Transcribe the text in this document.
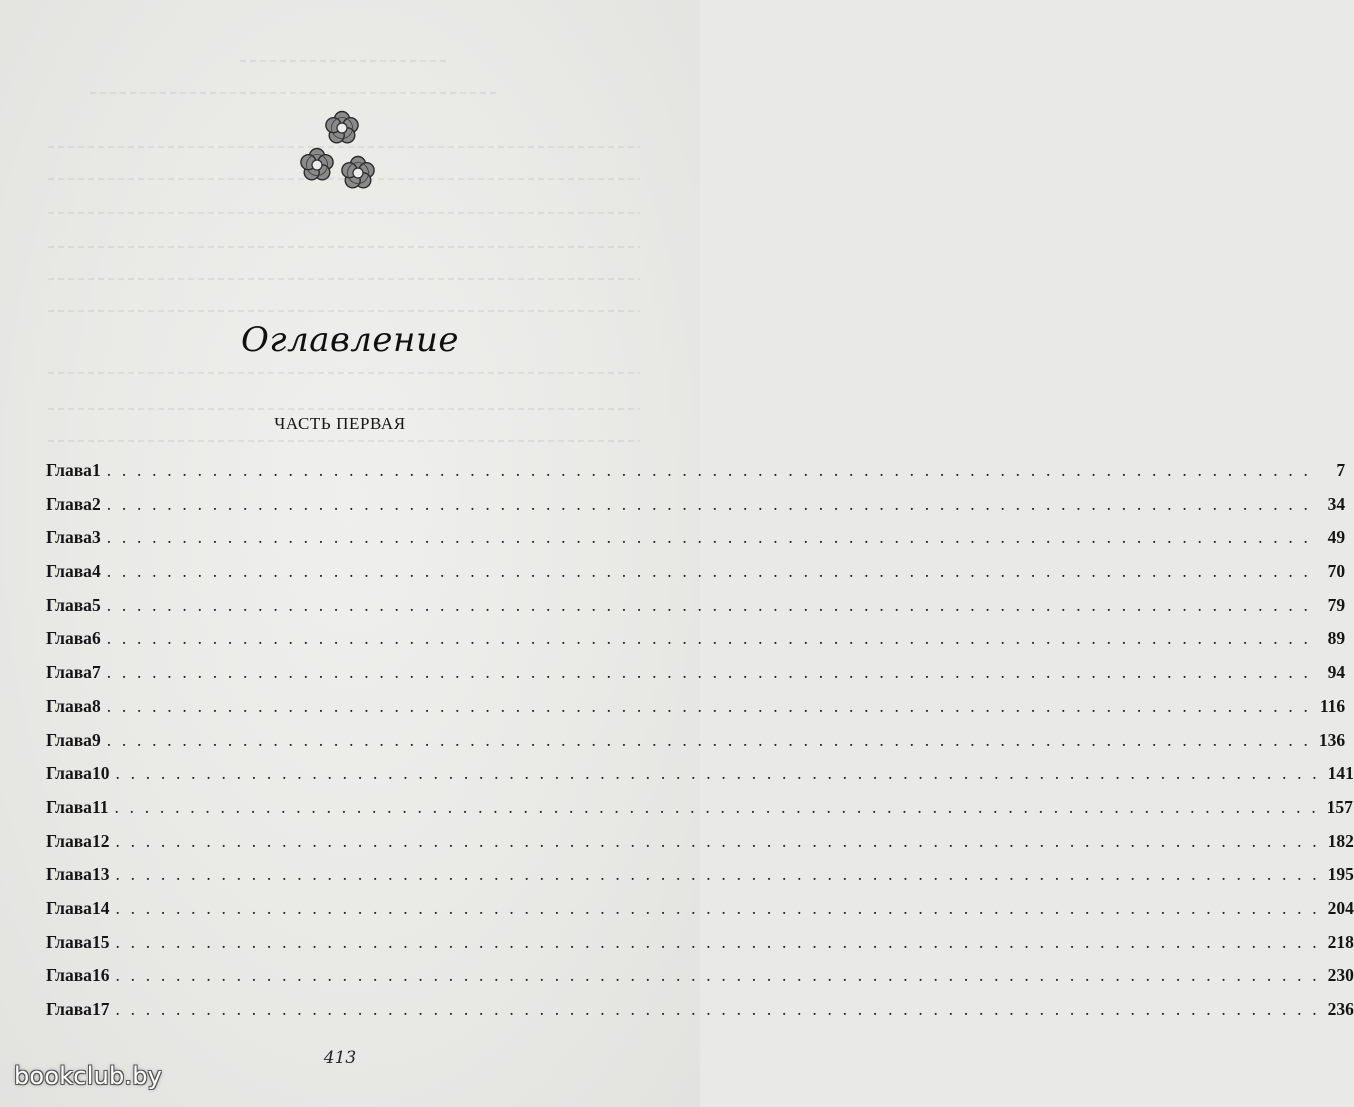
Оглавление
ЧАСТЬ ПЕРВАЯ
Глава 1 . . . . . . . . . . . . . . . . . . . . . . . . . . . . . . . . . . . . . . . . . . . . . . . . . . . . . . . . . . . . . . . . . . . . . . . . . . . . . . . .	7
Глава 2 . . . . . . . . . . . . . . . . . . . . . . . . . . . . . . . . . . . . . . . . . . . . . . . . . . . . . . . . . . . . . . . . . . . . . . . . . . . . . . . . 34
Глава 3 . . . . . . . . . . . . . . . . . . . . . . . . . . . . . . . . . . . . . . . . . . . . . . . . . . . . . . . . . . . . . . . . . . . . . . . . . . . . . . . . 49
Глава 4 . . . . . . . . . . . . . . . . . . . . . . . . . . . . . . . . . . . . . . . . . . . . . . . . . . . . . . . . . . . . . . . . . . . . . . . . . . . . . . . . 70
Глава 5 . . . . . . . . . . . . . . . . . . . . . . . . . . . . . . . . . . . . . . . . . . . . . . . . . . . . . . . . . . . . . . . . . . . . . . . . . . . . . . . . 79
Глава 6 . . . . . . . . . . . . . . . . . . . . . . . . . . . . . . . . . . . . . . . . . . . . . . . . . . . . . . . . . . . . . . . . . . . . . . . . . . . . . . . . 89
Глава 7 . . . . . . . . . . . . . . . . . . . . . . . . . . . . . . . . . . . . . . . . . . . . . . . . . . . . . . . . . . . . . . . . . . . . . . . . . . . . . . . . 94
Глава 8 . . . . . . . . . . . . . . . . . . . . . . . . . . . . . . . . . . . . . . . . . . . . . . . . . . . . . . . . . . . . . . . . . . . . . . . . . . . . . . . . 116
Глава 9 . . . . . . . . . . . . . . . . . . . . . . . . . . . . . . . . . . . . . . . . . . . . . . . . . . . . . . . . . . . . . . . . . . . . . . . . . . . . . . . . 136
Глава 10 . . . . . . . . . . . . . . . . . . . . . . . . . . . . . . . . . . . . . . . . . . . . . . . . . . . . . . . . . . . . . . . . . . . . . . . . . . . . . . . . 141
Глава 11 . . . . . . . . . . . . . . . . . . . . . . . . . . . . . . . . . . . . . . . . . . . . . . . . . . . . . . . . . . . . . . . . . . . . . . . . . . . . . . . . 157
Глава 12 . . . . . . . . . . . . . . . . . . . . . . . . . . . . . . . . . . . . . . . . . . . . . . . . . . . . . . . . . . . . . . . . . . . . . . . . . . . . . . . . 182
Глава 13 . . . . . . . . . . . . . . . . . . . . . . . . . . . . . . . . . . . . . . . . . . . . . . . . . . . . . . . . . . . . . . . . . . . . . . . . . . . . . . . . 195
Глава 14 . . . . . . . . . . . . . . . . . . . . . . . . . . . . . . . . . . . . . . . . . . . . . . . . . . . . . . . . . . . . . . . . . . . . . . . . . . . . . . . . 204
Глава 15 . . . . . . . . . . . . . . . . . . . . . . . . . . . . . . . . . . . . . . . . . . . . . . . . . . . . . . . . . . . . . . . . . . . . . . . . . . . . . . . . 218
Глава 16 . . . . . . . . . . . . . . . . . . . . . . . . . . . . . . . . . . . . . . . . . . . . . . . . . . . . . . . . . . . . . . . . . . . . . . . . . . . . . . . . 230
Глава 17 . . . . . . . . . . . . . . . . . . . . . . . . . . . . . . . . . . . . . . . . . . . . . . . . . . . . . . . . . . . . . . . . . . . . . . . . . . . . . . . . 236
413
bookclub.by
